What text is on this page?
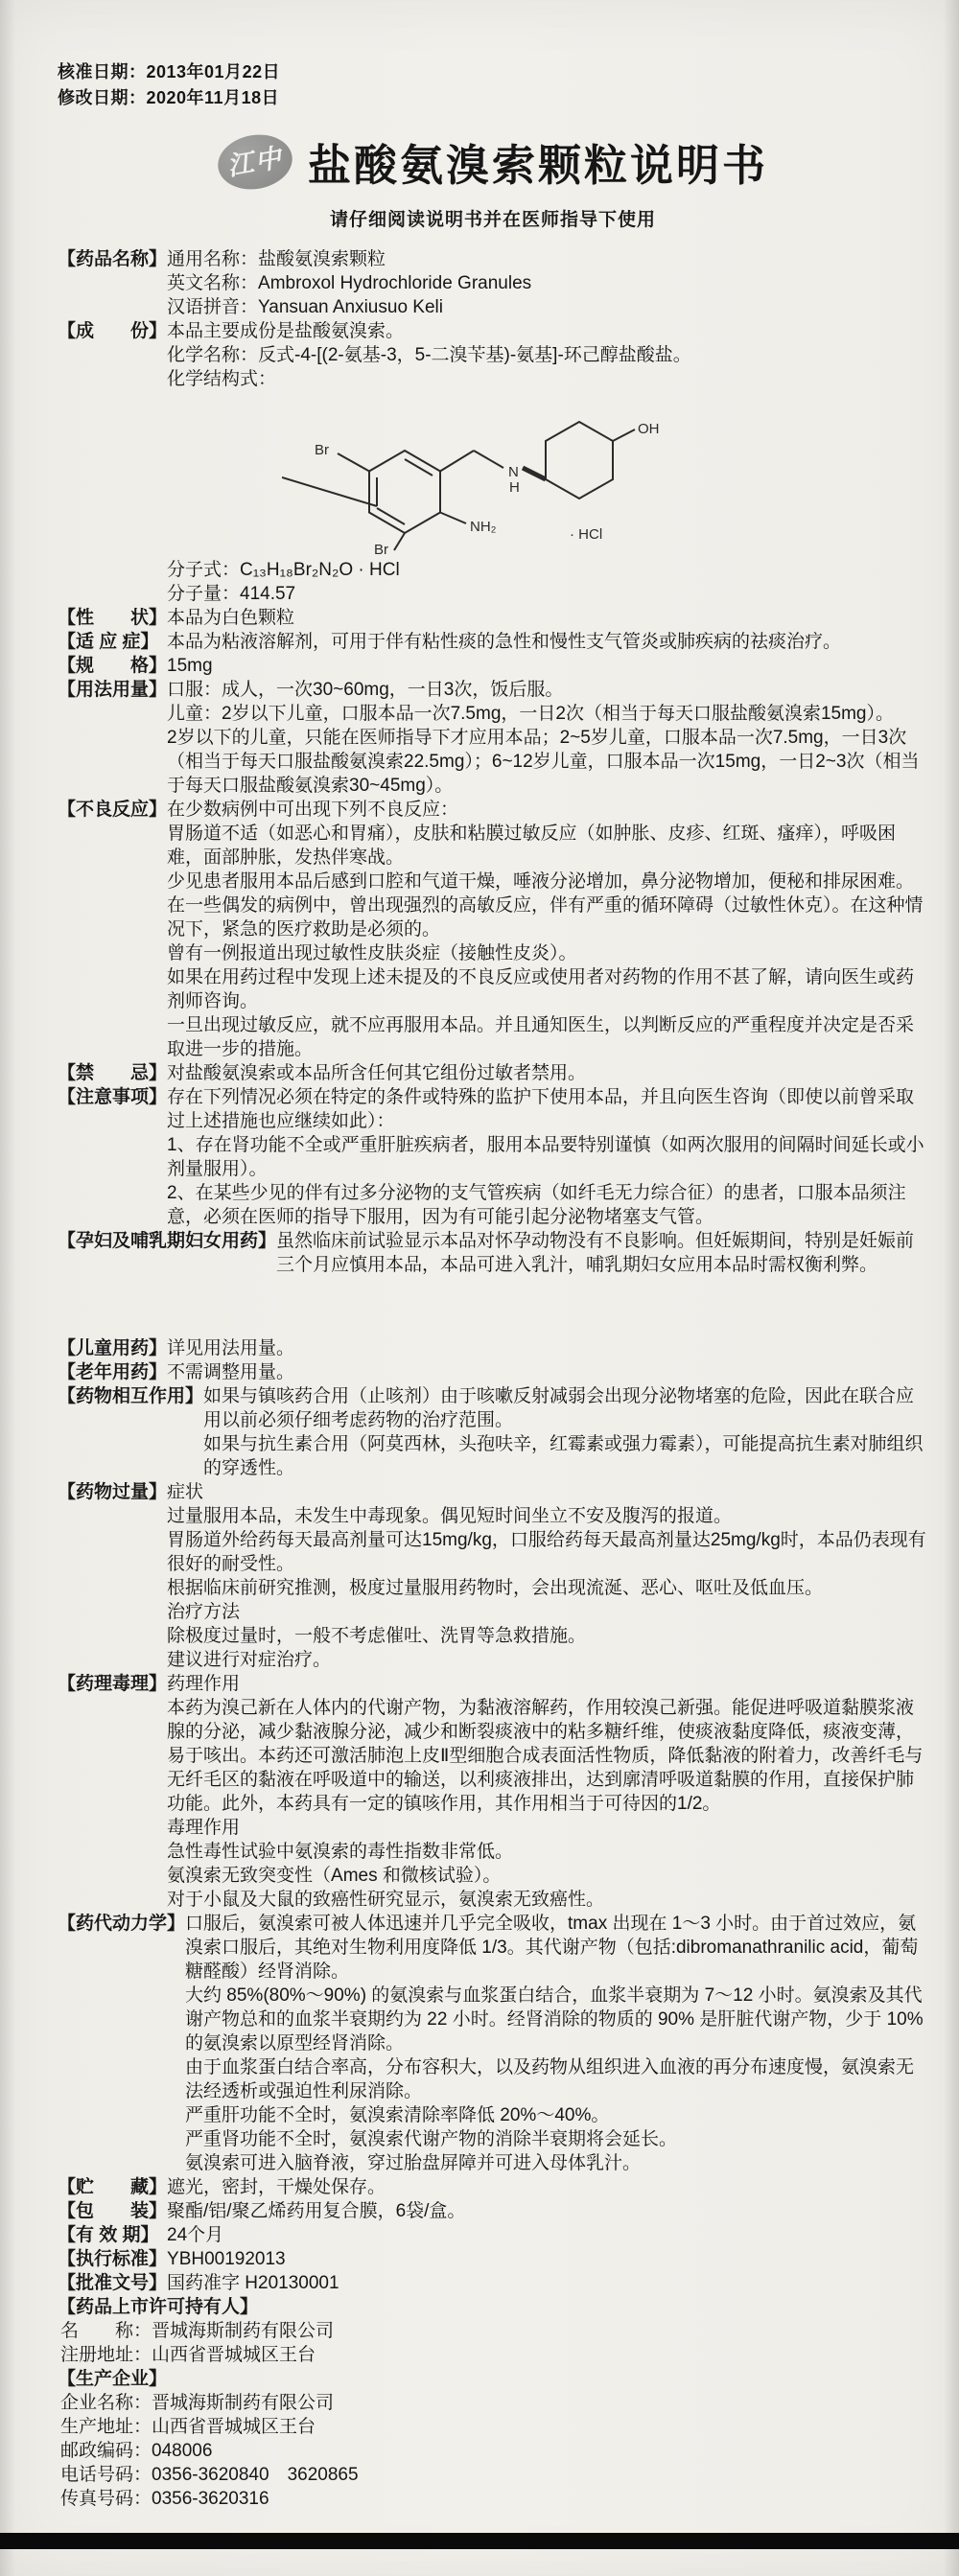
核准日期：2013年01月22日
修改日期：2020年11月18日
江中 盐酸氨溴索颗粒说明书
请仔细阅读说明书并在医师指导下使用
【药品名称】 通用名称：盐酸氨溴索颗粒
英文名称：Ambroxol Hydrochloride Granules
汉语拼音：Yansuan Anxiusuo Keli
【成　　份】 本品主要成份是盐酸氨溴索。
化学名称：反式-4-[(2-氨基-3，5-二溴苄基)-氨基]-环己醇盐酸盐。
化学结构式：
Br
Br
NH₂
N
H
OH
· HCl
分子式：C₁₃H₁₈Br₂N₂O · HCl
分子量：414.57
【性　　状】 本品为白色颗粒
【适 应 症】 本品为粘液溶解剂，可用于伴有粘性痰的急性和慢性支气管炎或肺疾病的祛痰治疗。
【规　　格】 15mg
【用法用量】 口服：成人，一次30~60mg，一日3次，饭后服。
儿童：2岁以下儿童，口服本品一次7.5mg，一日2次（相当于每天口服盐酸氨溴索15mg）。
2岁以下的儿童，只能在医师指导下才应用本品；2~5岁儿童，口服本品一次7.5mg，一日3次（相当于每天口服盐酸氨溴索22.5mg）；6~12岁儿童，口服本品一次15mg，一日2~3次（相当于每天口服盐酸氨溴索30~45mg）。
【不良反应】 在少数病例中可出现下列不良反应：
胃肠道不适（如恶心和胃痛），皮肤和粘膜过敏反应（如肿胀、皮疹、红斑、瘙痒），呼吸困难，面部肿胀，发热伴寒战。
少见患者服用本品后感到口腔和气道干燥，唾液分泌增加，鼻分泌物增加，便秘和排尿困难。
在一些偶发的病例中，曾出现强烈的高敏反应，伴有严重的循环障碍（过敏性休克）。在这种情况下，紧急的医疗救助是必须的。
曾有一例报道出现过敏性皮肤炎症（接触性皮炎）。
如果在用药过程中发现上述未提及的不良反应或使用者对药物的作用不甚了解，请向医生或药剂师咨询。
一旦出现过敏反应，就不应再服用本品。并且通知医生，以判断反应的严重程度并决定是否采取进一步的措施。
【禁　　忌】 对盐酸氨溴索或本品所含任何其它组份过敏者禁用。
【注意事项】 存在下列情况必须在特定的条件或特殊的监护下使用本品，并且向医生咨询（即使以前曾采取过上述措施也应继续如此）：
1、存在肾功能不全或严重肝脏疾病者，服用本品要特别谨慎（如两次服用的间隔时间延长或小剂量服用）。
2、在某些少见的伴有过多分泌物的支气管疾病（如纤毛无力综合征）的患者，口服本品须注意，必须在医师的指导下服用，因为有可能引起分泌物堵塞支气管。
【孕妇及哺乳期妇女用药】 虽然临床前试验显示本品对怀孕动物没有不良影响。但妊娠期间，特别是妊娠前三个月应慎用本品，本品可进入乳汁，哺乳期妇女应用本品时需权衡利弊。
【儿童用药】 详见用法用量。
【老年用药】 不需调整用量。
【药物相互作用】 如果与镇咳药合用（止咳剂）由于咳嗽反射减弱会出现分泌物堵塞的危险，因此在联合应用以前必须仔细考虑药物的治疗范围。
如果与抗生素合用（阿莫西林，头孢呋辛，红霉素或强力霉素），可能提高抗生素对肺组织的穿透性。
【药物过量】 症状
过量服用本品，未发生中毒现象。偶见短时间坐立不安及腹泻的报道。
胃肠道外给药每天最高剂量可达15mg/kg，口服给药每天最高剂量达25mg/kg时，本品仍表现有很好的耐受性。
根据临床前研究推测，极度过量服用药物时，会出现流涎、恶心、呕吐及低血压。
治疗方法
除极度过量时，一般不考虑催吐、洗胃等急救措施。
建议进行对症治疗。
【药理毒理】 药理作用
本药为溴己新在人体内的代谢产物，为黏液溶解药，作用较溴己新强。能促进呼吸道黏膜浆液腺的分泌，减少黏液腺分泌，减少和断裂痰液中的粘多糖纤维，使痰液黏度降低，痰液变薄，易于咳出。本药还可激活肺泡上皮Ⅱ型细胞合成表面活性物质，降低黏液的附着力，改善纤毛与无纤毛区的黏液在呼吸道中的输送，以利痰液排出，达到廓清呼吸道黏膜的作用，直接保护肺功能。此外，本药具有一定的镇咳作用，其作用相当于可待因的1/2。
毒理作用
急性毒性试验中氨溴索的毒性指数非常低。
氨溴索无致突变性（Ames 和微核试验）。
对于小鼠及大鼠的致癌性研究显示，氨溴索无致癌性。
【药代动力学】 口服后，氨溴索可被人体迅速并几乎完全吸收，tmax 出现在 1～3 小时。由于首过效应，氨溴索口服后，其绝对生物利用度降低 1/3。其代谢产物（包括:dibromanathranilic acid，葡萄糖醛酸）经肾消除。
大约 85%(80%～90%) 的氨溴索与血浆蛋白结合，血浆半衰期为 7～12 小时。氨溴索及其代谢产物总和的血浆半衰期约为 22 小时。经肾消除的物质的 90% 是肝脏代谢产物，少于 10% 的氨溴索以原型经肾消除。
由于血浆蛋白结合率高，分布容积大，以及药物从组织进入血液的再分布速度慢，氨溴索无法经透析或强迫性利尿消除。
严重肝功能不全时，氨溴索清除率降低 20%～40%。
严重肾功能不全时，氨溴索代谢产物的消除半衰期将会延长。
氨溴索可进入脑脊液，穿过胎盘屏障并可进入母体乳汁。
【贮　　藏】 遮光，密封，干燥处保存。
【包　　装】 聚酯/铝/聚乙烯药用复合膜，6袋/盒。
【有 效 期】 24个月
【执行标准】 YBH00192013
【批准文号】 国药准字 H20130001
【药品上市许可持有人】
名　　称：晋城海斯制药有限公司
注册地址：山西省晋城城区王台
【生产企业】
企业名称：晋城海斯制药有限公司
生产地址：山西省晋城城区王台
邮政编码：048006
电话号码：0356-3620840　3620865
传真号码：0356-3620316
